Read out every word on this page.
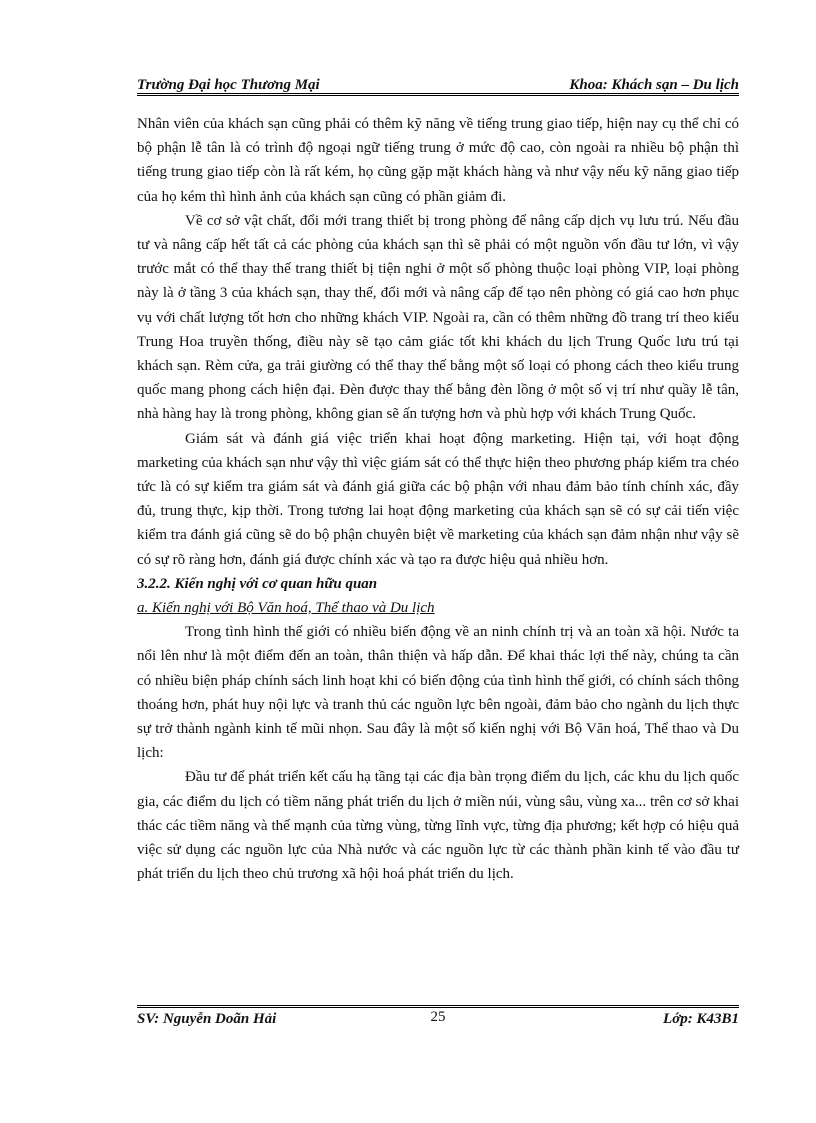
Trường Đại học Thương Mại	Khoa: Khách sạn – Du lịch

Nhân viên của khách sạn cũng phải có thêm kỹ năng về tiếng trung giao tiếp, hiện nay cụ thể chỉ có bộ phận lễ tân là có trình độ ngoại ngữ tiếng trung ở mức độ cao, còn ngoài ra nhiều bộ phận thì tiếng trung giao tiếp còn là rất kém, họ cũng gặp mặt khách hàng và như vậy nếu kỹ năng giao tiếp của họ kém thì hình ảnh của khách sạn cũng có phần giảm đi.

Về cơ sở vật chất, đổi mới trang thiết bị trong phòng để nâng cấp dịch vụ lưu trú. Nếu đầu tư và nâng cấp hết tất cả các phòng của khách sạn thì sẽ phải có một nguồn vốn đầu tư lớn, vì vậy trước mắt có thể thay thế trang thiết bị tiện nghi ở một số phòng thuộc loại phòng VIP, loại phòng này là ở tầng 3 của khách sạn, thay thế, đổi mới và nâng cấp để tạo nên phòng có giá cao hơn phục vụ với chất lượng tốt hơn cho những khách VIP. Ngoài ra, cần có thêm những đồ trang trí theo kiểu Trung Hoa truyền thống, điều này sẽ tạo cảm giác tốt khi khách du lịch Trung Quốc lưu trú tại khách sạn. Rèm cửa, ga trải giường có thể thay thế bằng một số loại có phong cách theo kiểu trung quốc mang phong cách hiện đại. Đèn được thay thế bằng đèn lồng ở một số vị trí như quầy lễ tân, nhà hàng hay là trong phòng, không gian sẽ ấn tượng hơn và phù hợp với khách Trung Quốc.

Giám sát và đánh giá việc triển khai hoạt động marketing. Hiện tại, với hoạt động marketing của khách sạn như vậy thì việc giám sát có thể thực hiện theo phương pháp kiểm tra chéo tức là có sự kiểm tra giám sát và đánh giá giữa các bộ phận với nhau đảm bảo tính chính xác, đầy đủ, trung thực, kịp thời. Trong tương lai hoạt động marketing của khách sạn sẽ có sự cải tiến việc kiểm tra đánh giá cũng sẽ do bộ phận chuyên biệt về marketing của khách sạn đảm nhận như vậy sẽ có sự rõ ràng hơn, đánh giá được chính xác và tạo ra được hiệu quả nhiều hơn.

3.2.2. Kiến nghị với cơ quan hữu quan

a. Kiến nghị với Bộ Văn hoá, Thể thao và Du lịch

Trong tình hình thế giới có nhiều biến động về an ninh chính trị và an toàn xã hội. Nước ta nổi lên như là một điểm đến an toàn, thân thiện và hấp dẫn. Để khai thác lợi thế này, chúng ta cần có nhiều biện pháp chính sách linh hoạt khi có biến động của tình hình thế giới, có chính sách thông thoáng hơn, phát huy nội lực và tranh thủ các nguồn lực bên ngoài, đảm bảo cho ngành du lịch thực sự trở thành ngành kinh tế mũi nhọn. Sau đây là một số kiến nghị với Bộ Văn hoá, Thể thao và Du lịch:

Đầu tư để phát triển kết cấu hạ tầng tại các địa bàn trọng điểm du lịch, các khu du lịch quốc gia, các điểm du lịch có tiềm năng phát triển du lịch ở miền núi, vùng sâu, vùng xa... trên cơ sở khai thác các tiềm năng và thế mạnh của từng vùng, từng lĩnh vực, từng địa phương; kết hợp có hiệu quả việc sử dụng các nguồn lực của Nhà nước và các nguồn lực từ các thành phần kinh tế vào đầu tư phát triển du lịch theo chủ trương xã hội hoá phát triển du lịch.

SV: Nguyễn Doãn Hải	25	Lớp: K43B1
